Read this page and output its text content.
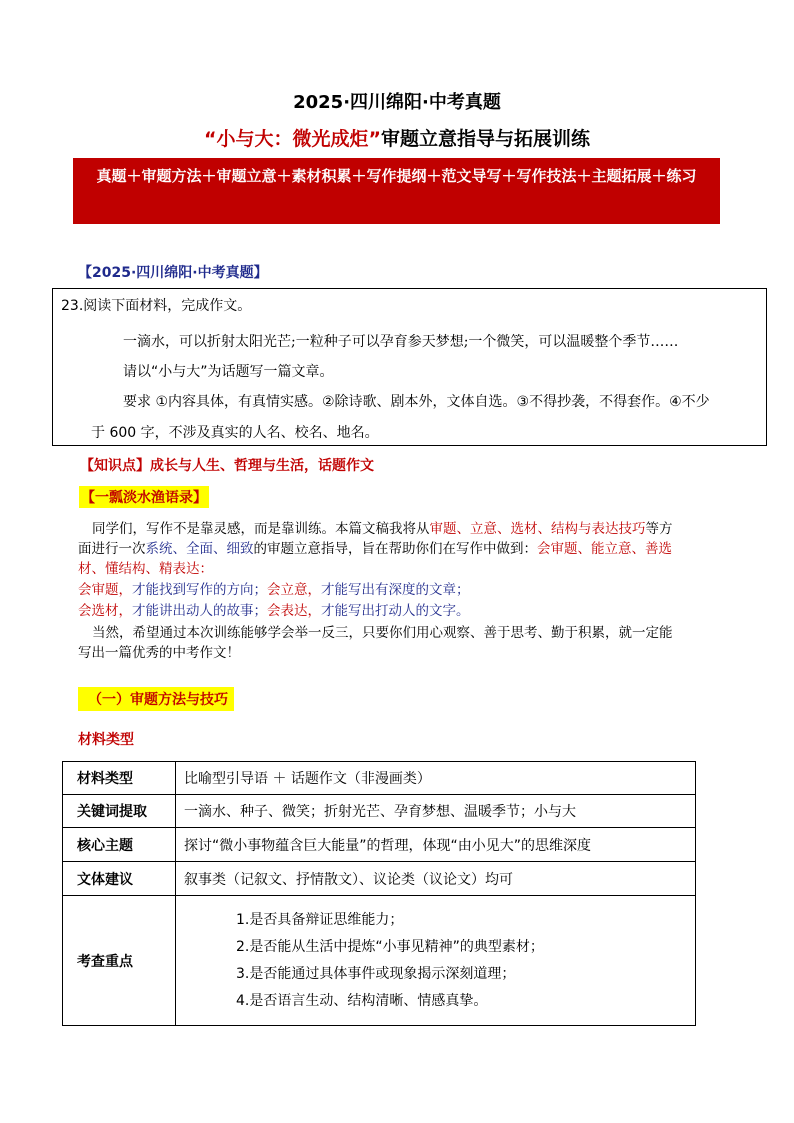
2025·四川绵阳·中考真题
“小与大：微光成炬”审题立意指导与拓展训练
真题＋审题方法＋审题立意＋素材积累＋写作提纲＋范文导写＋写作技法＋主题拓展＋练习
【2025·四川绵阳·中考真题】
23.阅读下面材料，完成作文。
一滴水，可以折射太阳光芒;一粒种子可以孕育参天梦想;一个微笑，可以温暖整个季节……
请以“小与大”为话题写一篇文章。
要求 ①内容具体，有真情实感。②除诗歌、剧本外，文体自选。③不得抄袭，不得套作。④不少
于 600 字，不涉及真实的人名、校名、地名。
【知识点】成长与人生、哲理与生活，话题作文
【一瓢淡水渔语录】
同学们，写作不是靠灵感，而是靠训练。本篇文稿我将从审题、立意、选材、结构与表达技巧等方
面进行一次系统、全面、细致的审题立意指导，旨在帮助你们在写作中做到：会审题、能立意、善选
材、懂结构、精表达：
会审题，才能找到写作的方向；会立意，才能写出有深度的文章；
会选材，才能讲出动人的故事；会表达，才能写出打动人的文字。
当然，希望通过本次训练能够学会举一反三，只要你们用心观察、善于思考、勤于积累，就一定能
写出一篇优秀的中考作文！
（一）审题方法与技巧
材料类型
材料类型	比喻型引导语 ＋ 话题作文（非漫画类）
关键词提取	一滴水、种子、微笑；折射光芒、孕育梦想、温暖季节；小与大
核心主题	探讨“微小事物蕴含巨大能量”的哲理，体现“由小见大”的思维深度
文体建议	叙事类（记叙文、抒情散文）、议论类（议论文）均可
考查重点	1.是否具备辩证思维能力；
2.是否能从生活中提炼“小事见精神”的典型素材；
3.是否能通过具体事件或现象揭示深刻道理；
4.是否语言生动、结构清晰、情感真挚。
